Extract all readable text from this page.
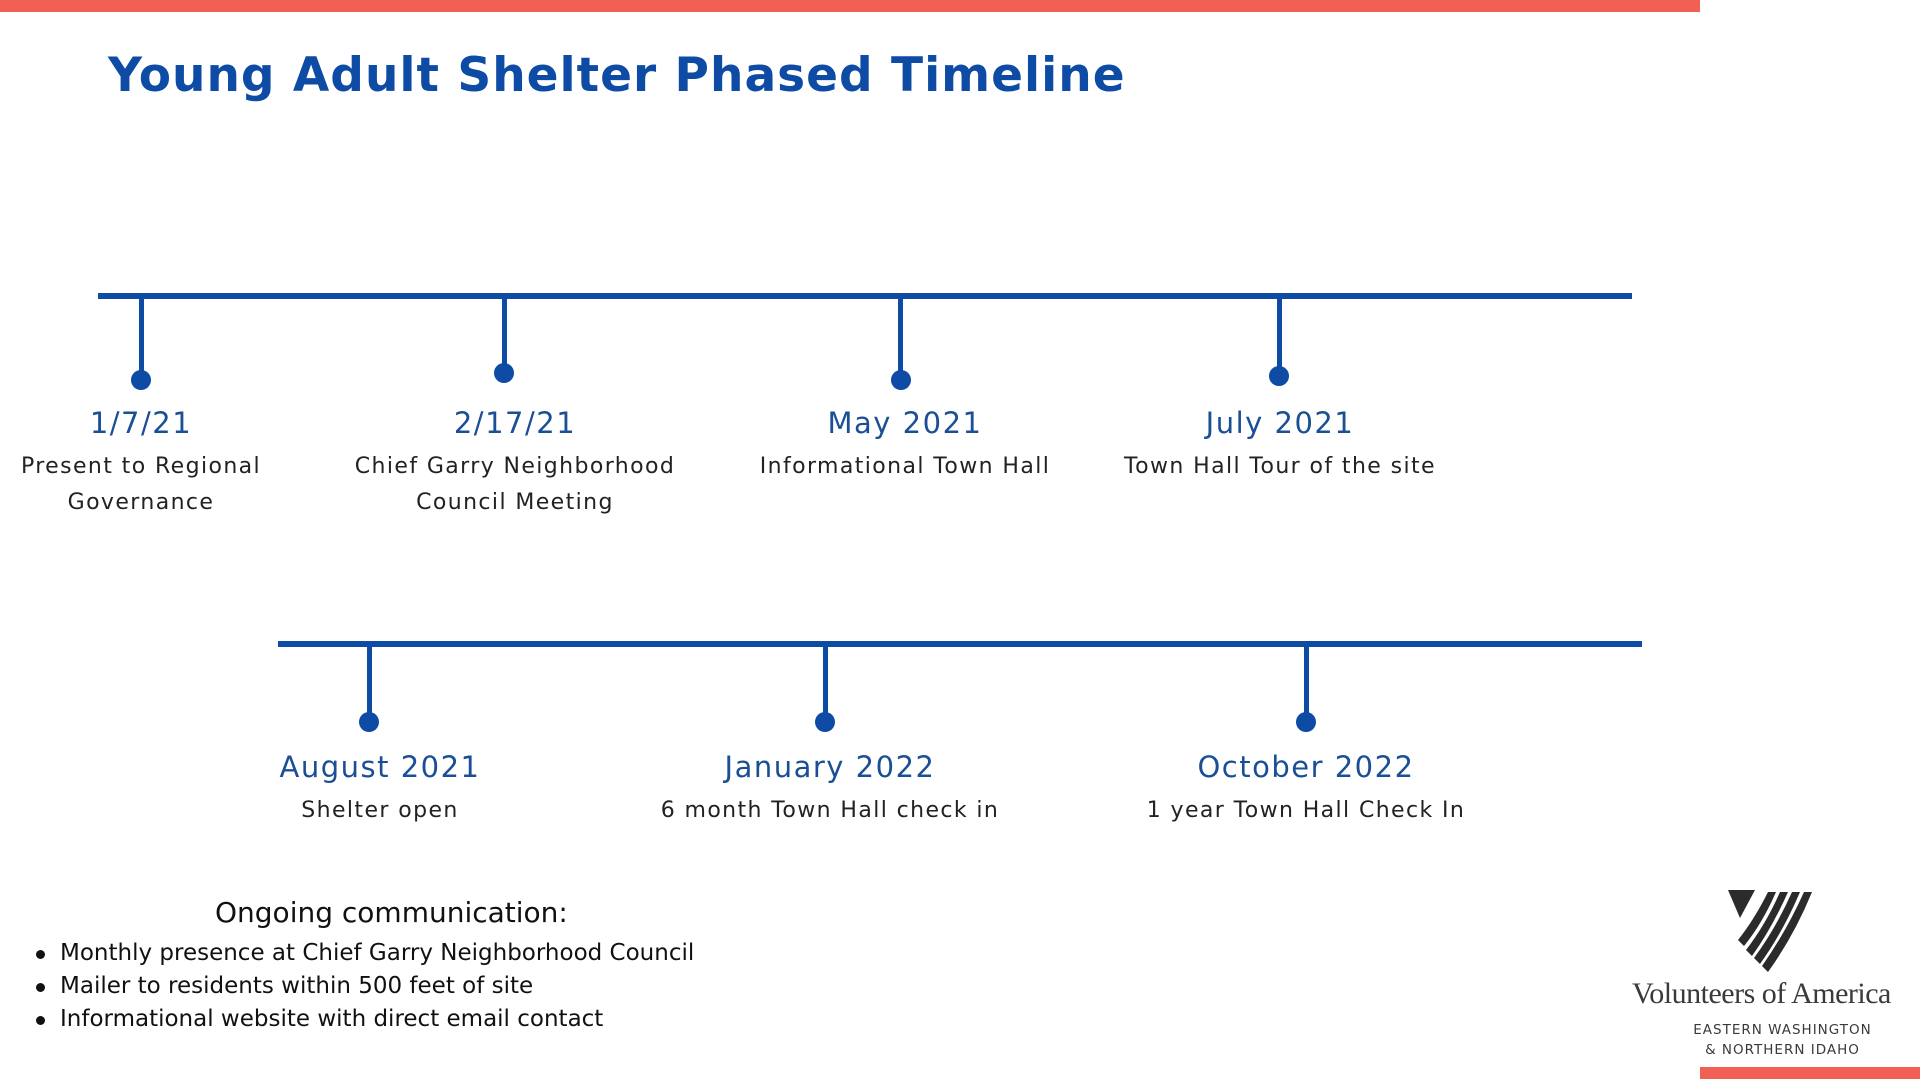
Young Adult Shelter Phased Timeline
1/7/21
Present to Regional Governance
2/17/21
Chief Garry Neighborhood Council Meeting
May 2021
Informational Town Hall
July 2021
Town Hall Tour of the site
August 2021
Shelter open
January 2022
6 month Town Hall check in
October 2022
1 year Town Hall Check In
Ongoing communication:
Monthly presence at Chief Garry Neighborhood Council
Mailer to residents within 500 feet of site
Informational website with direct email contact
Volunteers of America
EASTERN WASHINGTON
& NORTHERN IDAHO
